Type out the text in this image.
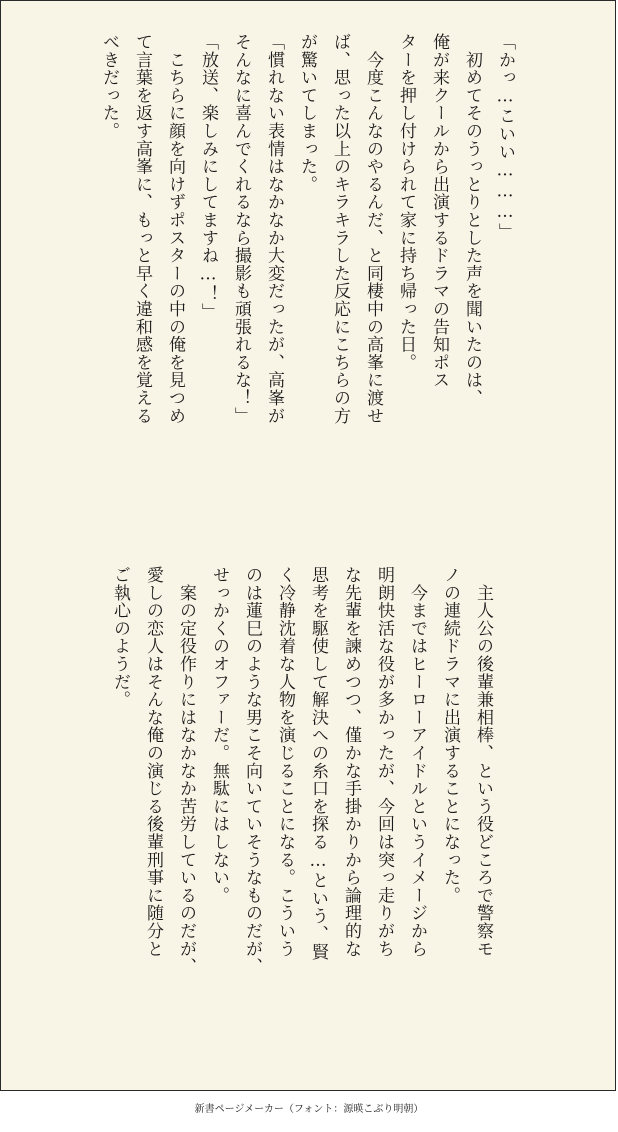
「かっ…こいい………」
　初めてそのうっとりとした声を聞いたのは、
俺が来クールから出演するドラマの告知ポス
ターを押し付けられて家に持ち帰った日。
　今度こんなのやるんだ、と同棲中の高峯に渡せ
ば、思った以上のキラキラした反応にこちらの方
が驚いてしまった。
「慣れない表情はなかなか大変だったが、高峯が
そんなに喜んでくれるなら撮影も頑張れるな！」
「放送、楽しみにしてますね…！」
　こちらに顔を向けずポスターの中の俺を見つめ
て言葉を返す高峯に、もっと早く違和感を覚える
べきだった。
　主人公の後輩兼相棒、という役どころで警察モ
ノの連続ドラマに出演することになった。
　今まではヒーローアイドルというイメージから
明朗快活な役が多かったが、今回は突っ走りがち
な先輩を諫めつつ、僅かな手掛かりから論理的な
思考を駆使して解決への糸口を探る…という、賢
く冷静沈着な人物を演じることになる。こういう
のは蓮巳のような男こそ向いていそうなものだが、
せっかくのオファーだ。無駄にはしない。
　案の定役作りにはなかなか苦労しているのだが、
愛しの恋人はそんな俺の演じる後輩刑事に随分と
ご執心のようだ。
新書ページメーカー（フォント：源暎こぶり明朝）
